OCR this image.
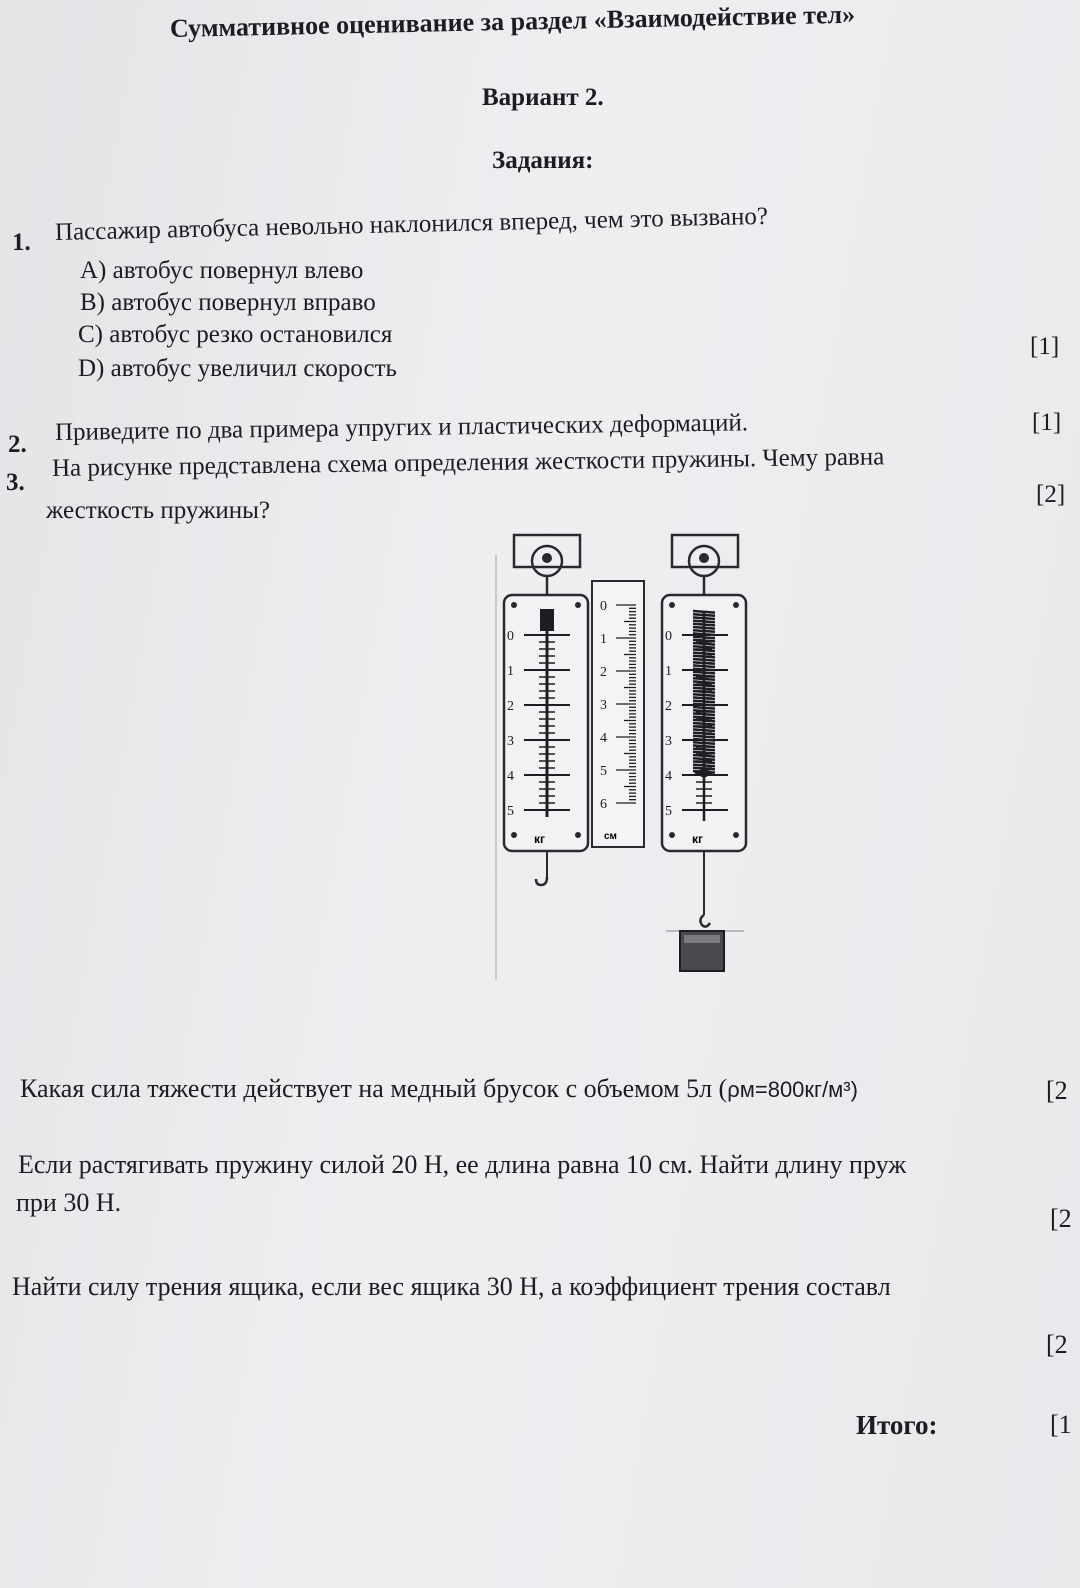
Суммативное оценивание за раздел «Взаимодействие тел»
Вариант 2.
Задания:
1. Пассажир автобуса невольно наклонился вперед, чем это вызвано?
А) автобус повернул влево
В) автобус повернул вправо
С) автобус резко остановился
D) автобус увеличил скорость
[1]
2. Приведите по два примера упругих и пластических деформаций.	[1]
3.
На рисунке представлена схема определения жесткости пружины. Чему равна
жесткость пружины?
[2]
кг	см	кг
0
1
2
3
4
5
0
1
2
3
4
5
0
1
2
3
4
5
6
Какая сила тяжести действует на медный брусок с объемом 5л (ρм=800кг/м³)	[2
Если растягивать пружину силой 20 Н, ее длина равна 10 см. Найти длину пруж
при 30 Н.
[2
Найти силу трения ящика, если вес ящика 30 Н, а коэффициент трения составл
[2
Итого:	[1
